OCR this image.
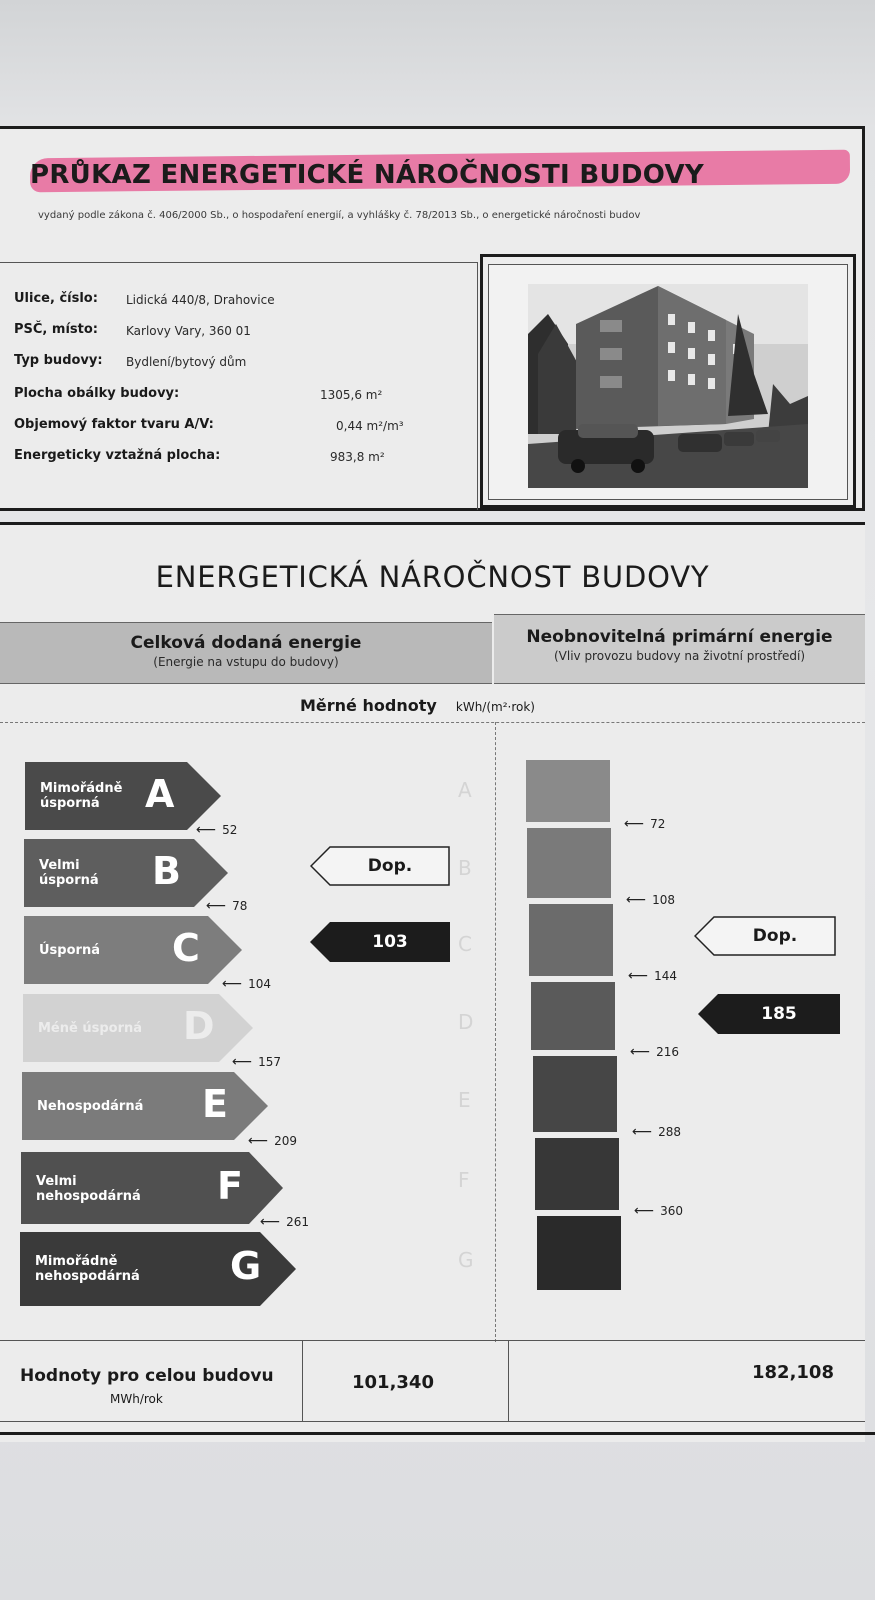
PRŮKAZ ENERGETICKÉ NÁROČNOSTI BUDOVY
vydaný podle zákona č. 406/2000 Sb., o hospodaření energií, a vyhlášky č. 78/2013 Sb., o energetické náročnosti budov
Ulice, číslo: Lidická 440/8, Drahovice
PSČ, místo: Karlovy Vary, 360 01
Typ budovy: Bydlení/bytový dům
Plocha obálky budovy:	1305,6 m²
Objemový faktor tvaru A/V:	0,44 m²/m³
Energeticky vztažná plocha:	983,8 m²
ENERGETICKÁ NÁROČNOST BUDOVY
Celková dodaná energie
(Energie na vstupu do budovy)
Neobnovitelná primární energie
(Vliv provozu budovy na životní prostředí)
Měrné hodnoty kWh/(m²·rok)
Mimořádně
úsporná	A
Velmi
úsporná B
Úsporná C
Méně úsporná D
Nehospodárná E
Velmi
nehospodárná F
Mimořádně
nehospodárná G
⟵ 52
⟵ 78
⟵ 104
⟵ 157
⟵ 209
⟵ 261
Dop.
103
A
B
C
D
E
F
G
⟵ 72
⟵ 108
⟵ 144
⟵ 216
⟵ 288
⟵ 360
Dop.
185
Hodnoty pro celou budovu
MWh/rok
101,340	182,108
